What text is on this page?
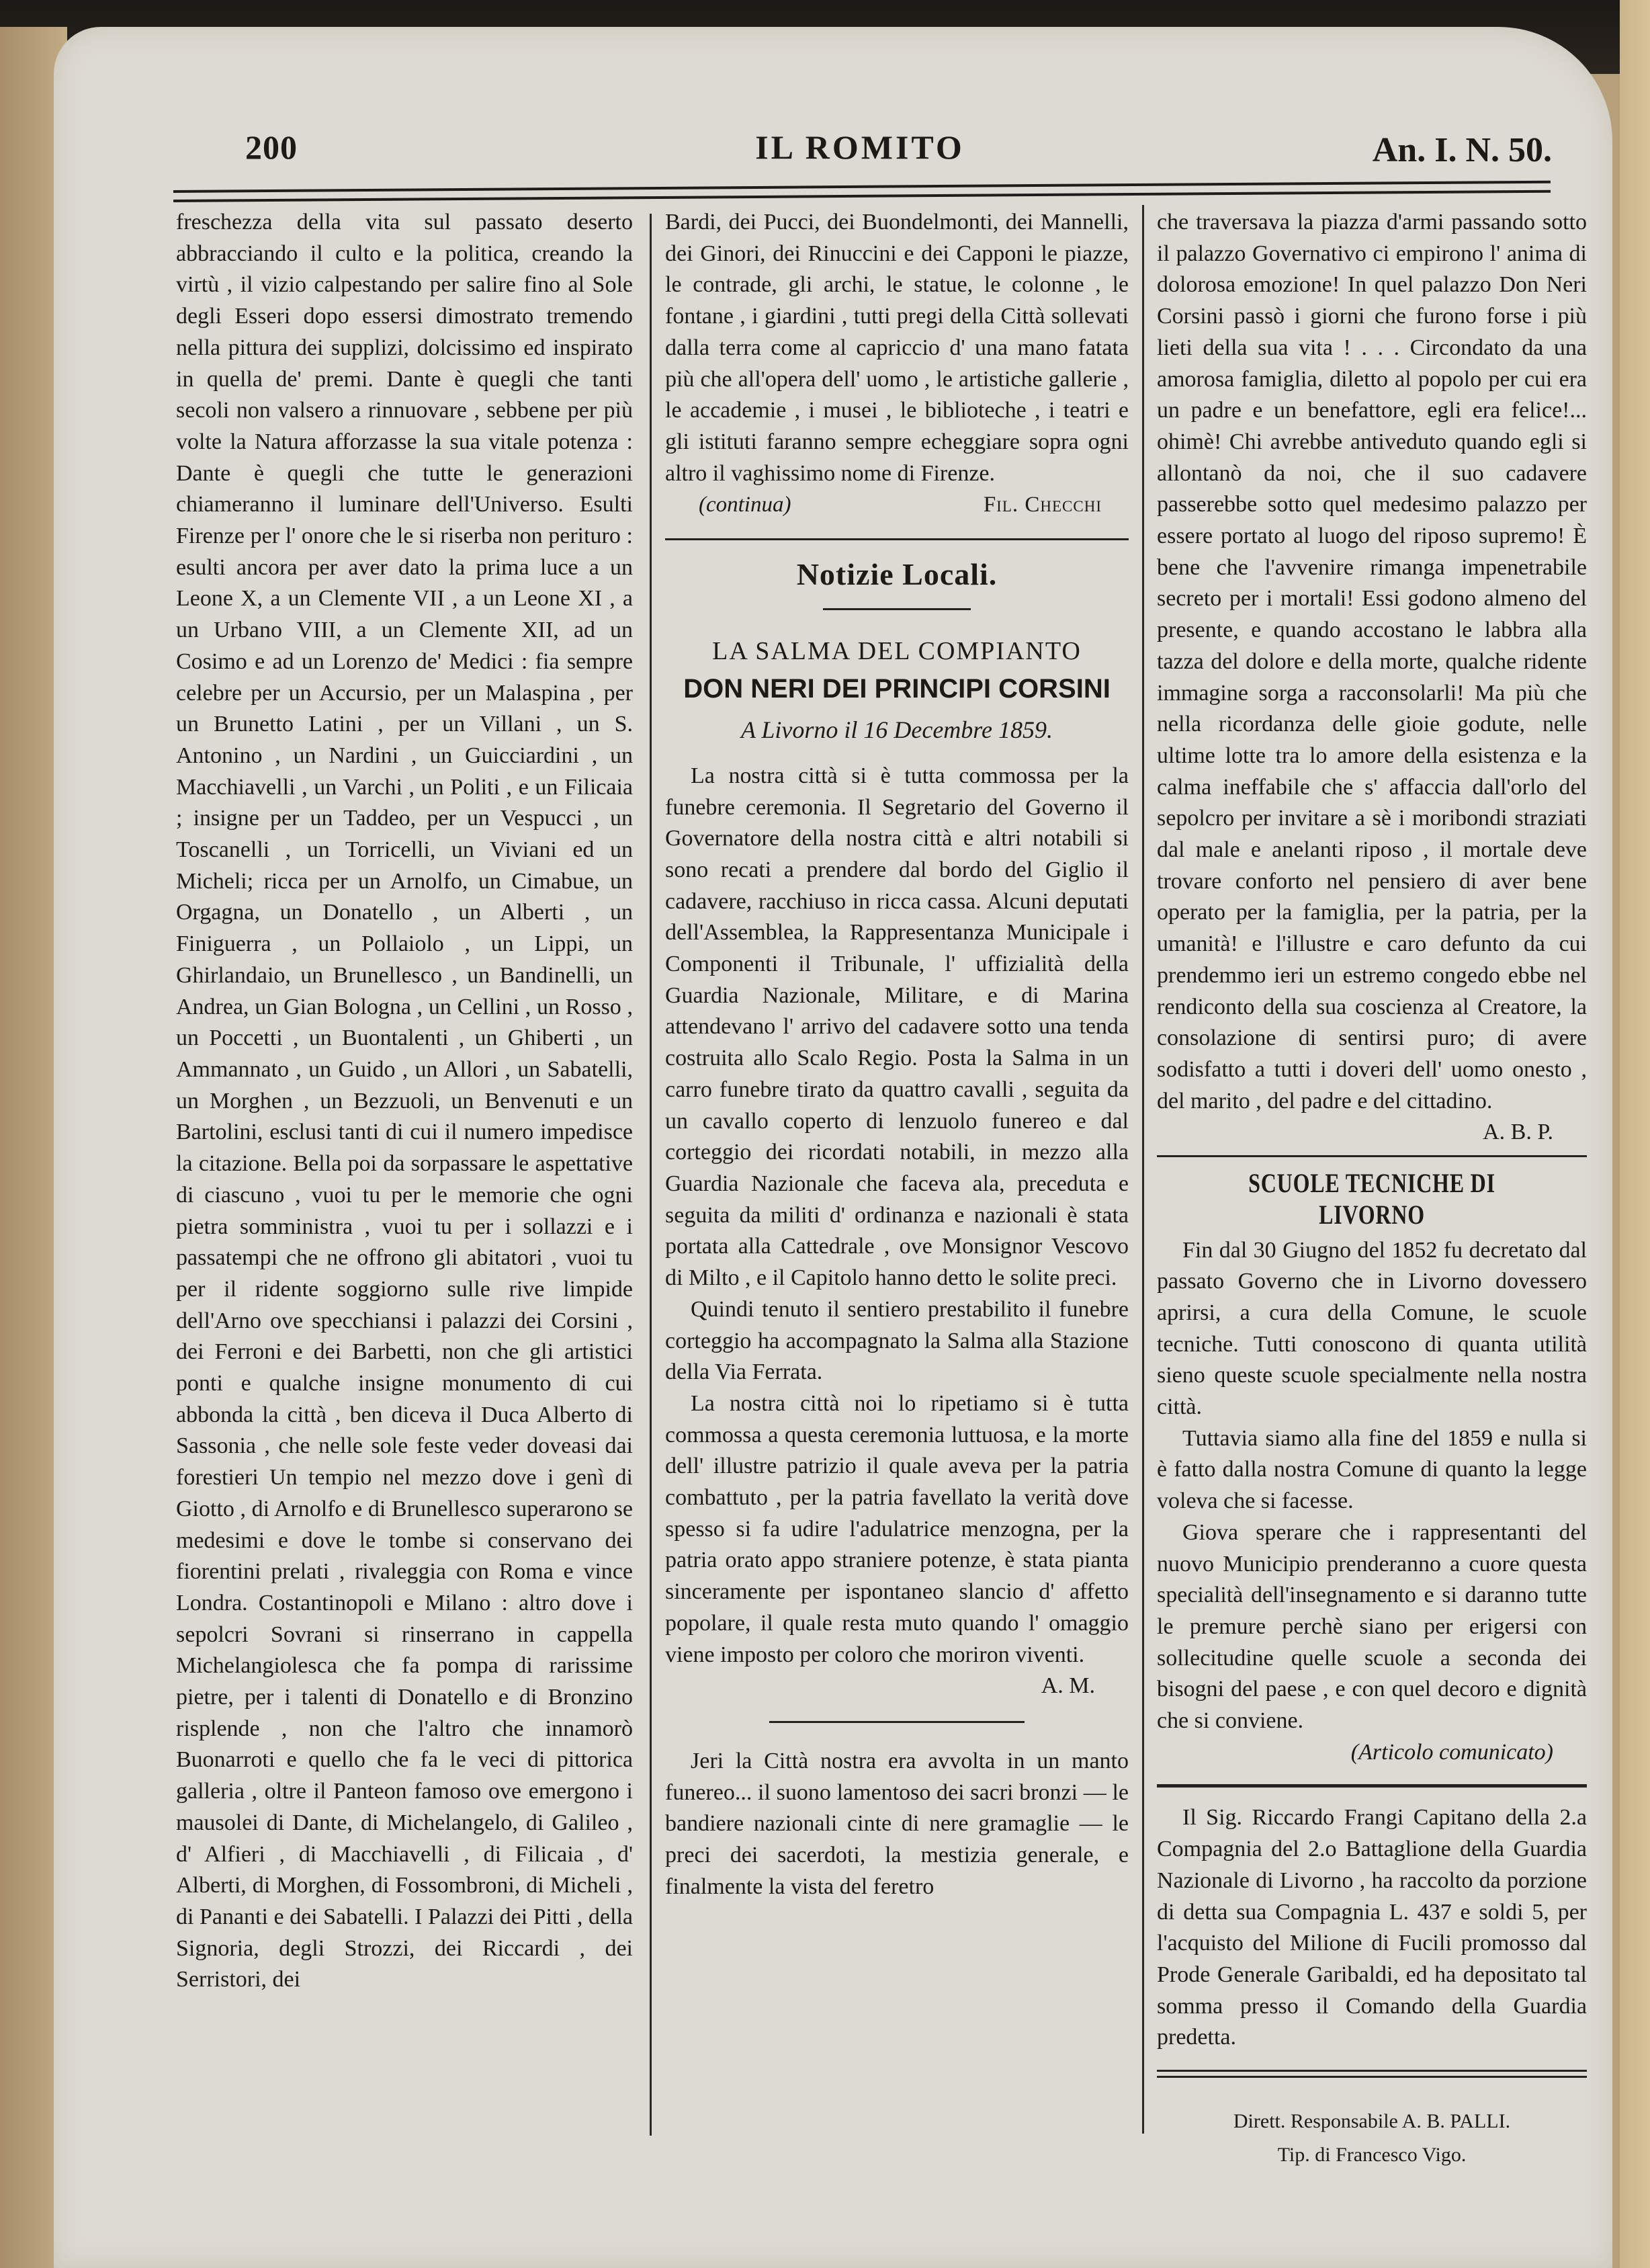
200	IL ROMITO	An. I. N. 50.

freschezza della vita sul passato deserto abbracciando il culto e la politica, creando la virtù , il vizio calpestando per salire fino al Sole degli Esseri dopo essersi dimostrato tremendo nella pittura dei supplizi, dolcissimo ed inspirato in quella de' premi. Dante è quegli che tanti secoli non valsero a rinnuovare , sebbene per più volte la Natura afforzasse la sua vitale potenza : Dante è quegli che tutte le generazioni chiameranno il luminare dell'Universo. Esulti Firenze per l' onore che le si riserba non perituro : esulti ancora per aver dato la prima luce a un Leone X, a un Clemente VII , a un Leone XI , a un Urbano VIII, a un Clemente XII, ad un Cosimo e ad un Lorenzo de' Medici : fia sempre celebre per un Accursio, per un Malaspina , per un Brunetto Latini , per un Villani , un S. Antonino , un Nardini , un Guicciardini , un Macchiavelli , un Varchi , un Politi , e un Filicaia ; insigne per un Taddeo, per un Vespucci , un Toscanelli , un Torricelli, un Viviani ed un Micheli; ricca per un Arnolfo, un Cimabue, un Orgagna, un Donatello , un Alberti , un Finiguerra , un Pollaiolo , un Lippi, un Ghirlandaio, un Brunellesco , un Bandinelli, un Andrea, un Gian Bologna , un Cellini , un Rosso , un Poccetti , un Buontalenti , un Ghiberti , un Ammannato , un Guido , un Allori , un Sabatelli, un Morghen , un Bezzuoli, un Benvenuti e un Bartolini, esclusi tanti di cui il numero impedisce la citazione. Bella poi da sorpassare le aspettative di ciascuno , vuoi tu per le memorie che ogni pietra somministra , vuoi tu per i sollazzi e i passatempi che ne offrono gli abitatori , vuoi tu per il ridente soggiorno sulle rive limpide dell'Arno ove specchiansi i palazzi dei Corsini , dei Ferroni e dei Barbetti, non che gli artistici ponti e qualche insigne monumento di cui abbonda la città , ben diceva il Duca Alberto di Sassonia , che nelle sole feste veder doveasi dai forestieri Un tempio nel mezzo dove i genì di Giotto , di Arnolfo e di Brunellesco superarono se medesimi e dove le tombe si conservano dei fiorentini prelati , rivaleggia con Roma e vince Londra. Costantinopoli e Milano : altro dove i sepolcri Sovrani si rinserrano in cappella Michelangiolesca che fa pompa di rarissime pietre, per i talenti di Donatello e di Bronzino risplende , non che l'altro che innamorò Buonarroti e quello che fa le veci di pittorica galleria , oltre il Panteon famoso ove emergono i mausolei di Dante, di Michelangelo, di Galileo , d' Alfieri , di Macchiavelli , di Filicaia , d' Alberti, di Morghen, di Fossombroni, di Micheli , di Pananti e dei Sabatelli. I Palazzi dei Pitti , della Signoria, degli Strozzi, dei Riccardi , dei Serristori, dei

Bardi, dei Pucci, dei Buondelmonti, dei Mannelli, dei Ginori, dei Rinuccini e dei Capponi le piazze, le contrade, gli archi, le statue, le colonne , le fontane , i giardini , tutti pregi della Città sollevati dalla terra come al capriccio d' una mano fatata più che all'opera dell' uomo , le artistiche gallerie , le accademie , i musei , le biblioteche , i teatri e gli istituti faranno sempre echeggiare sopra ogni altro il vaghissimo nome di Firenze.

(continua)	Fil. Checchi
Notizie Locali.
LA SALMA DEL COMPIANTO
DON NERI DEI PRINCIPI CORSINI
A Livorno il 16 Decembre 1859.

La nostra città si è tutta commossa per la funebre ceremonia. Il Segretario del Governo il Governatore della nostra città e altri notabili si sono recati a prendere dal bordo del Giglio il cadavere, racchiuso in ricca cassa. Alcuni deputati dell'Assemblea, la Rappresentanza Municipale i Componenti il Tribunale, l' uffizialità della Guardia Nazionale, Militare, e di Marina attendevano l' arrivo del cadavere sotto una tenda costruita allo Scalo Regio. Posta la Salma in un carro funebre tirato da quattro cavalli , seguita da un cavallo coperto di lenzuolo funereo e dal corteggio dei ricordati notabili, in mezzo alla Guardia Nazionale che faceva ala, preceduta e seguita da militi d' ordinanza e nazionali è stata portata alla Cattedrale , ove Monsignor Vescovo di Milto , e il Capitolo hanno detto le solite preci.

Quindi tenuto il sentiero prestabilito il funebre corteggio ha accompagnato la Salma alla Stazione della Via Ferrata.

La nostra città noi lo ripetiamo si è tutta commossa a questa ceremonia luttuosa, e la morte dell' illustre patrizio il quale aveva per la patria combattuto , per la patria favellato la verità dove spesso si fa udire l'adulatrice menzogna, per la patria orato appo straniere potenze, è stata pianta sinceramente per ispontaneo slancio d' affetto popolare, il quale resta muto quando l' omaggio viene imposto per coloro che moriron viventi.

A. M.

Jeri la Città nostra era avvolta in un manto funereo... il suono lamentoso dei sacri bronzi — le bandiere nazionali cinte di nere gramaglie — le preci dei sacerdoti, la mestizia generale, e finalmente la vista del feretro

che traversava la piazza d'armi passando sotto il palazzo Governativo ci empirono l' anima di dolorosa emozione! In quel palazzo Don Neri Corsini passò i giorni che furono forse i più lieti della sua vita ! . . . Circondato da una amorosa famiglia, diletto al popolo per cui era un padre e un benefattore, egli era felice!... ohimè! Chi avrebbe antiveduto quando egli si allontanò da noi, che il suo cadavere passerebbe sotto quel medesimo palazzo per essere portato al luogo del riposo supremo! È bene che l'avvenire rimanga impenetrabile secreto per i mortali! Essi godono almeno del presente, e quando accostano le labbra alla tazza del dolore e della morte, qualche ridente immagine sorga a racconsolarli! Ma più che nella ricordanza delle gioie godute, nelle ultime lotte tra lo amore della esistenza e la calma ineffabile che s' affaccia dall'orlo del sepolcro per invitare a sè i moribondi straziati dal male e anelanti riposo , il mortale deve trovare conforto nel pensiero di aver bene operato per la famiglia, per la patria, per la umanità! e l'illustre e caro defunto da cui prendemmo ieri un estremo congedo ebbe nel rendiconto della sua coscienza al Creatore, la consolazione di sentirsi puro; di avere sodisfatto a tutti i doveri dell' uomo onesto , del marito , del padre e del cittadino.

A. B. P.

SCUOLE TECNICHE DI LIVORNO

Fin dal 30 Giugno del 1852 fu decretato dal passato Governo che in Livorno dovessero aprirsi, a cura della Comune, le scuole tecniche. Tutti conoscono di quanta utilità sieno queste scuole specialmente nella nostra città.

Tuttavia siamo alla fine del 1859 e nulla si è fatto dalla nostra Comune di quanto la legge voleva che si facesse.

Giova sperare che i rappresentanti del nuovo Municipio prenderanno a cuore questa specialità dell'insegnamento e si daranno tutte le premure perchè siano per erigersi con sollecitudine quelle scuole a seconda dei bisogni del paese , e con quel decoro e dignità che si conviene.

(Articolo comunicato)

Il Sig. Riccardo Frangi Capitano della 2.a Compagnia del 2.o Battaglione della Guardia Nazionale di Livorno , ha raccolto da porzione di detta sua Compagnia L. 437 e soldi 5, per l'acquisto del Milione di Fucili promosso dal Prode Generale Garibaldi, ed ha depositato tal somma presso il Comando della Guardia predetta.

Dirett. Responsabile A. B. PALLI.
Tip. di Francesco Vigo.
